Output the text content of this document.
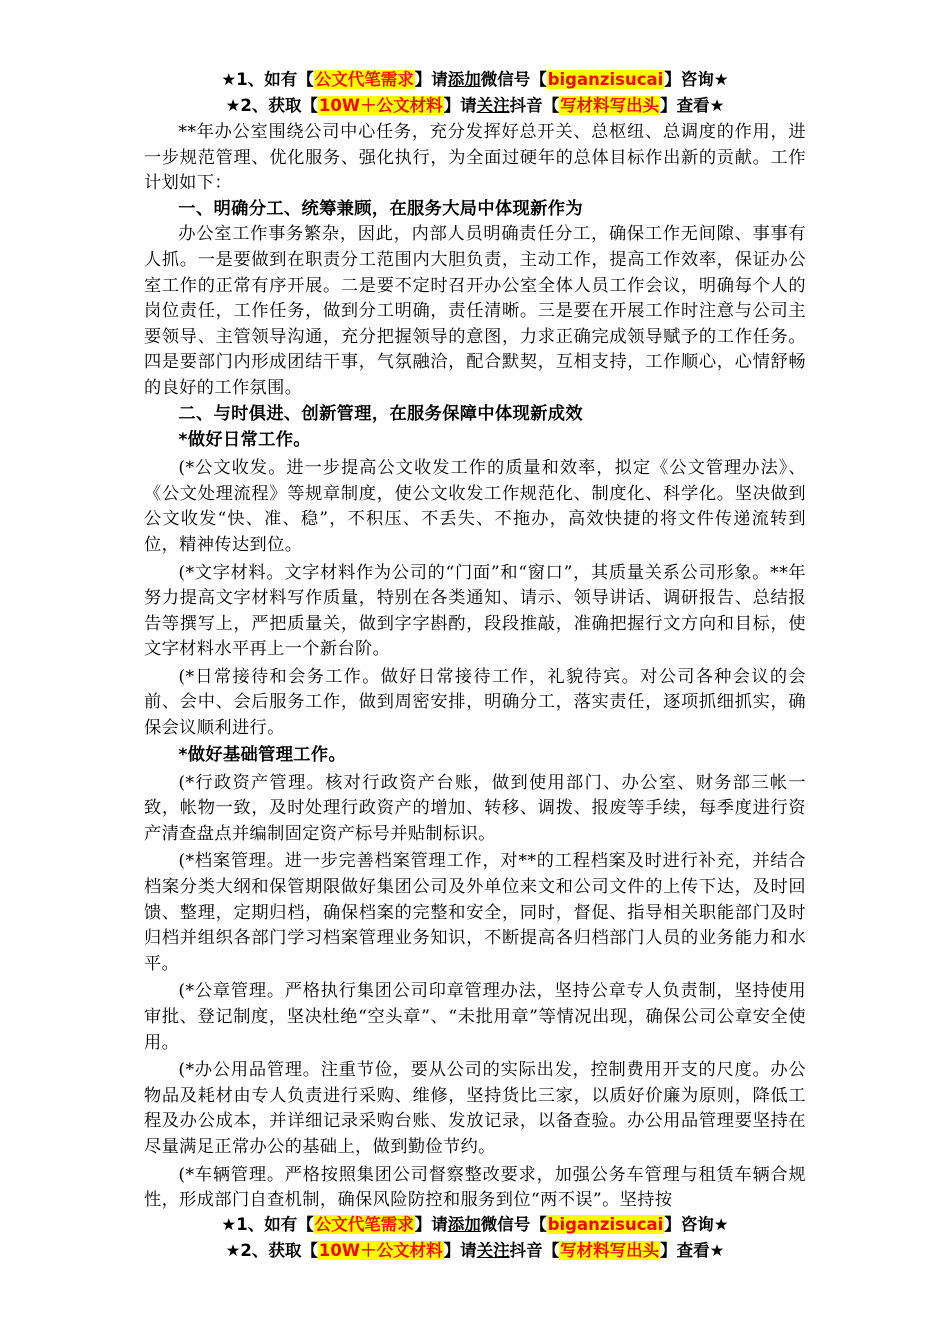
★1、如有【公文代笔需求】请添加微信号【biganzisucai】咨询★
★2、获取【10W＋公文材料】请关注抖音【写材料写出头】查看★

**年办公室围绕公司中心任务，充分发挥好总开关、总枢纽、总调度的作用，进一步规范管理、优化服务、强化执行，为全面过硬年的总体目标作出新的贡献。工作计划如下：

一、明确分工、统筹兼顾，在服务大局中体现新作为

办公室工作事务繁杂，因此，内部人员明确责任分工，确保工作无间隙、事事有人抓。一是要做到在职责分工范围内大胆负责，主动工作，提高工作效率，保证办公室工作的正常有序开展。二是要不定时召开办公室全体人员工作会议，明确每个人的岗位责任，工作任务，做到分工明确，责任清晰。三是要在开展工作时注意与公司主要领导、主管领导沟通，充分把握领导的意图，力求正确完成领导赋予的工作任务。四是要部门内形成团结干事，气氛融洽，配合默契，互相支持，工作顺心，心情舒畅的良好的工作氛围。

二、与时俱进、创新管理，在服务保障中体现新成效
*做好日常工作。

(*公文收发。进一步提高公文收发工作的质量和效率，拟定《公文管理办法》、《公文处理流程》等规章制度，使公文收发工作规范化、制度化、科学化。坚决做到公文收发“快、准、稳”，不积压、不丢失、不拖办，高效快捷的将文件传递流转到位，精神传达到位。

(*文字材料。文字材料作为公司的“门面”和“窗口”，其质量关系公司形象。**年努力提高文字材料写作质量，特别在各类通知、请示、领导讲话、调研报告、总结报告等撰写上，严把质量关，做到字字斟酌，段段推敲，准确把握行文方向和目标，使文字材料水平再上一个新台阶。

(*日常接待和会务工作。做好日常接待工作，礼貌待宾。对公司各种会议的会前、会中、会后服务工作，做到周密安排，明确分工，落实责任，逐项抓细抓实，确保会议顺利进行。

*做好基础管理工作。

(*行政资产管理。核对行政资产台账，做到使用部门、办公室、财务部三帐一致，帐物一致，及时处理行政资产的增加、转移、调拨、报废等手续，每季度进行资产清查盘点并编制固定资产标号并贴制标识。

(*档案管理。进一步完善档案管理工作，对**的工程档案及时进行补充，并结合档案分类大纲和保管期限做好集团公司及外单位来文和公司文件的上传下达，及时回馈、整理，定期归档，确保档案的完整和安全，同时，督促、指导相关职能部门及时归档并组织各部门学习档案管理业务知识，不断提高各归档部门人员的业务能力和水平。

(*公章管理。严格执行集团公司印章管理办法，坚持公章专人负责制，坚持使用审批、登记制度，坚决杜绝“空头章”、“未批用章”等情况出现，确保公司公章安全使用。

(*办公用品管理。注重节俭，要从公司的实际出发，控制费用开支的尺度。办公物品及耗材由专人负责进行采购、维修，坚持货比三家，以质好价廉为原则，降低工程及办公成本，并详细记录采购台账、发放记录，以备查验。办公用品管理要坚持在尽量满足正常办公的基础上，做到勤俭节约。

(*车辆管理。严格按照集团公司督察整改要求，加强公务车管理与租赁车辆合规性，形成部门自查机制，确保风险防控和服务到位“两不误”。坚持按

★1、如有【公文代笔需求】请添加微信号【biganzisucai】咨询★
★2、获取【10W＋公文材料】请关注抖音【写材料写出头】查看★
